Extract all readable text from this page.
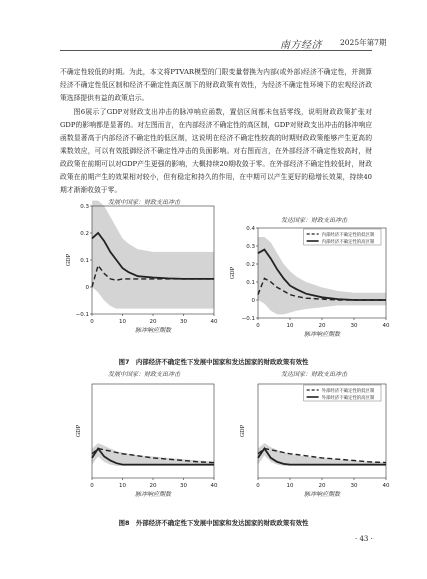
南方经济 2025年第7期

不确定性较低的时期。为此，本文将PTVAR模型的门限变量替换为内部(或外部)经济不确定性，并测算经济不确定性低区制和经济不确定性高区制下的财政政策有效性，为经济不确定性环境下的宏观经济政策选择提供有益的政策启示。

图6展示了GDP对财政支出冲击的脉冲响应函数，置信区间都未包括零线，说明财政政策扩张对GDP的影响都是显著的。对左图而言，在内部经济不确定性的高区制，GDP对财政支出冲击的脉冲响应函数显著高于内部经济不确定性的低区制，这说明在经济不确定性较高的时期财政政策能够产生更高的乘数效应，可以有效抵御经济不确定性冲击的负面影响。对右图而言，在外部经济不确定性较高时，财政政策在前期可以对GDP产生更强的影响，大概持续20期收敛于零。在外部经济不确定性较低时，财政政策在前期产生的效果相对较小，但有稳定和持久的作用，在中期可以产生更好的稳增长效果，持续40期才渐渐收敛于零。

0	10	20	30	40
−0.1
0
0.1
0.2
0.3
发展中国家：财政支出冲击
脉冲响应期数
GDP
0	10	20	30	40
−0.1
0
0.1
0.2
0.3
0.4
发达国家：财政支出冲击
脉冲响应期数
GDP
内部经济不确定性的低区制
内部经济不确定性的高区制
图7　内部经济不确定性下发展中国家和发达国家的财政政策有效性
0	10	20	30	40
发展中国家：财政支出冲击
脉冲响应期数
GDP
0	10	20	30	40
发达国家：财政支出冲击
脉冲响应期数
GDP
外部经济不确定性的低区制
外部经济不确定性的高区制
图8　外部经济不确定性下发展中国家和发达国家的财政政策有效性
· 43 ·
